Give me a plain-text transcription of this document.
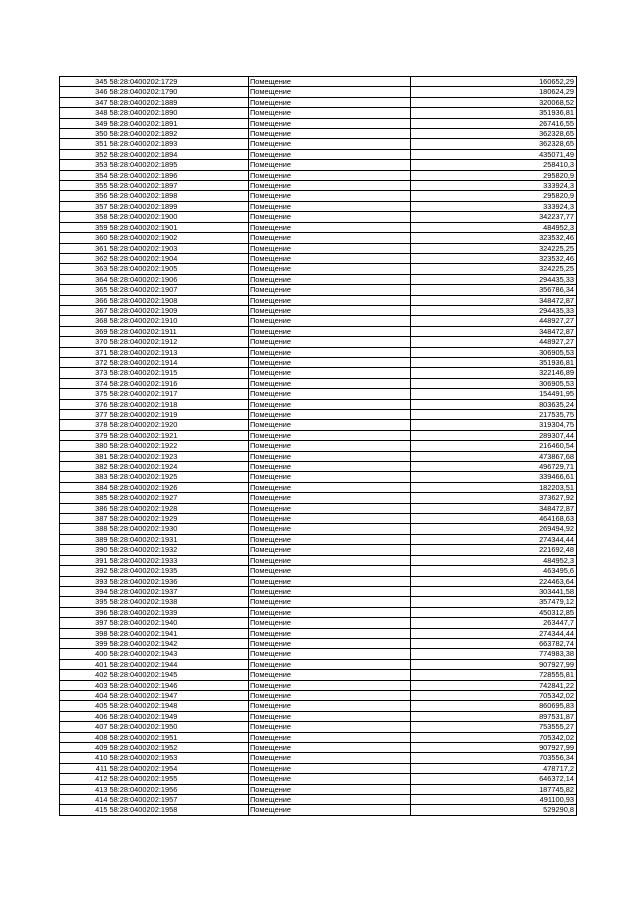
345	58:28:0400202:1729	Помещение	160652,29
346	58:28:0400202:1790	Помещение	180624,29
347	58:28:0400202:1889	Помещение	320068,52
348	58:28:0400202:1890	Помещение	351936,81
349	58:28:0400202:1891	Помещение	267416,55
350	58:28:0400202:1892	Помещение	362328,65
351	58:28:0400202:1893	Помещение	362328,65
352	58:28:0400202:1894	Помещение	435071,49
353	58:28:0400202:1895	Помещение	258410,3
354	58:28:0400202:1896	Помещение	295820,9
355	58:28:0400202:1897	Помещение	333924,3
356	58:28:0400202:1898	Помещение	295820,9
357	58:28:0400202:1899	Помещение	333924,3
358	58:28:0400202:1900	Помещение	342237,77
359	58:28:0400202:1901	Помещение	484952,3
360	58:28:0400202:1902	Помещение	323532,46
361	58:28:0400202:1903	Помещение	324225,25
362	58:28:0400202:1904	Помещение	323532,46
363	58:28:0400202:1905	Помещение	324225,25
364	58:28:0400202:1906	Помещение	294435,33
365	58:28:0400202:1907	Помещение	356786,34
366	58:28:0400202:1908	Помещение	348472,87
367	58:28:0400202:1909	Помещение	294435,33
368	58:28:0400202:1910	Помещение	448927,27
369	58:28:0400202:1911	Помещение	348472,87
370	58:28:0400202:1912	Помещение	448927,27
371	58:28:0400202:1913	Помещение	306905,53
372	58:28:0400202:1914	Помещение	351936,81
373	58:28:0400202:1915	Помещение	322146,89
374	58:28:0400202:1916	Помещение	306905,53
375	58:28:0400202:1917	Помещение	154491,95
376	58:28:0400202:1918	Помещение	803635,24
377	58:28:0400202:1919	Помещение	217535,75
378	58:28:0400202:1920	Помещение	319304,75
379	58:28:0400202:1921	Помещение	289307,44
380	58:28:0400202:1922	Помещение	216460,54
381	58:28:0400202:1923	Помещение	473867,68
382	58:28:0400202:1924	Помещение	496729,71
383	58:28:0400202:1925	Помещение	339466,61
384	58:28:0400202:1926	Помещение	182203,51
385	58:28:0400202:1927	Помещение	373627,92
386	58:28:0400202:1928	Помещение	348472,87
387	58:28:0400202:1929	Помещение	464168,63
388	58:28:0400202:1930	Помещение	269494,92
389	58:28:0400202:1931	Помещение	274344,44
390	58:28:0400202:1932	Помещение	221692,48
391	58:28:0400202:1933	Помещение	484952,3
392	58:28:0400202:1935	Помещение	463495,6
393	58:28:0400202:1936	Помещение	224463,64
394	58:28:0400202:1937	Помещение	303441,58
395	58:28:0400202:1938	Помещение	357479,12
396	58:28:0400202:1939	Помещение	450312,85
397	58:28:0400202:1940	Помещение	263447,7
398	58:28:0400202:1941	Помещение	274344,44
399	58:28:0400202:1942	Помещение	663782,74
400	58:28:0400202:1943	Помещение	774983,38
401	58:28:0400202:1944	Помещение	907927,99
402	58:28:0400202:1945	Помещение	728555,81
403	58:28:0400202:1946	Помещение	742841,22
404	58:28:0400202:1947	Помещение	705342,02
405	58:28:0400202:1948	Помещение	860695,83
406	58:28:0400202:1949	Помещение	897531,87
407	58:28:0400202:1950	Помещение	753555,27
408	58:28:0400202:1951	Помещение	705342,02
409	58:28:0400202:1952	Помещение	907927,99
410	58:28:0400202:1953	Помещение	703556,34
411	58:28:0400202:1954	Помещение	478717,2
412	58:28:0400202:1955	Помещение	646372,14
413	58:28:0400202:1956	Помещение	187745,82
414	58:28:0400202:1957	Помещение	491100,93
415	58:28:0400202:1958	Помещение	529290,8
